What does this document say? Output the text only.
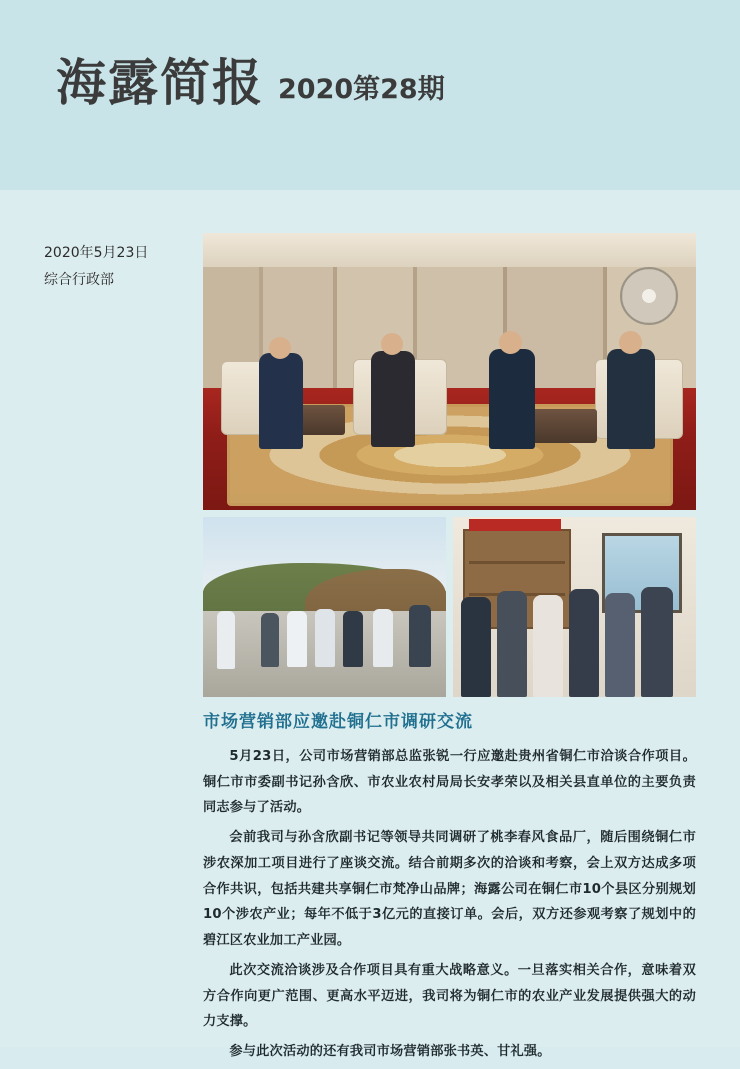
海露简报 2020第28期
2020年5月23日
综合行政部
市场营销部应邀赴铜仁市调研交流

5月23日，公司市场营销部总监张锐一行应邀赴贵州省铜仁市洽谈合作项目。铜仁市市委副书记孙含欣、市农业农村局局长安孝荣以及相关县直单位的主要负责同志参与了活动。

会前我司与孙含欣副书记等领导共同调研了桃李春风食品厂，随后围绕铜仁市涉农深加工项目进行了座谈交流。结合前期多次的洽谈和考察，会上双方达成多项合作共识，包括共建共享铜仁市梵净山品牌；海露公司在铜仁市10个县区分别规划10个涉农产业；每年不低于3亿元的直接订单。会后，双方还参观考察了规划中的碧江区农业加工产业园。

此次交流洽谈涉及合作项目具有重大战略意义。一旦落实相关合作，意味着双方合作向更广范围、更高水平迈进，我司将为铜仁市的农业产业发展提供强大的动力支撑。

参与此次活动的还有我司市场营销部张书英、甘礼强。
